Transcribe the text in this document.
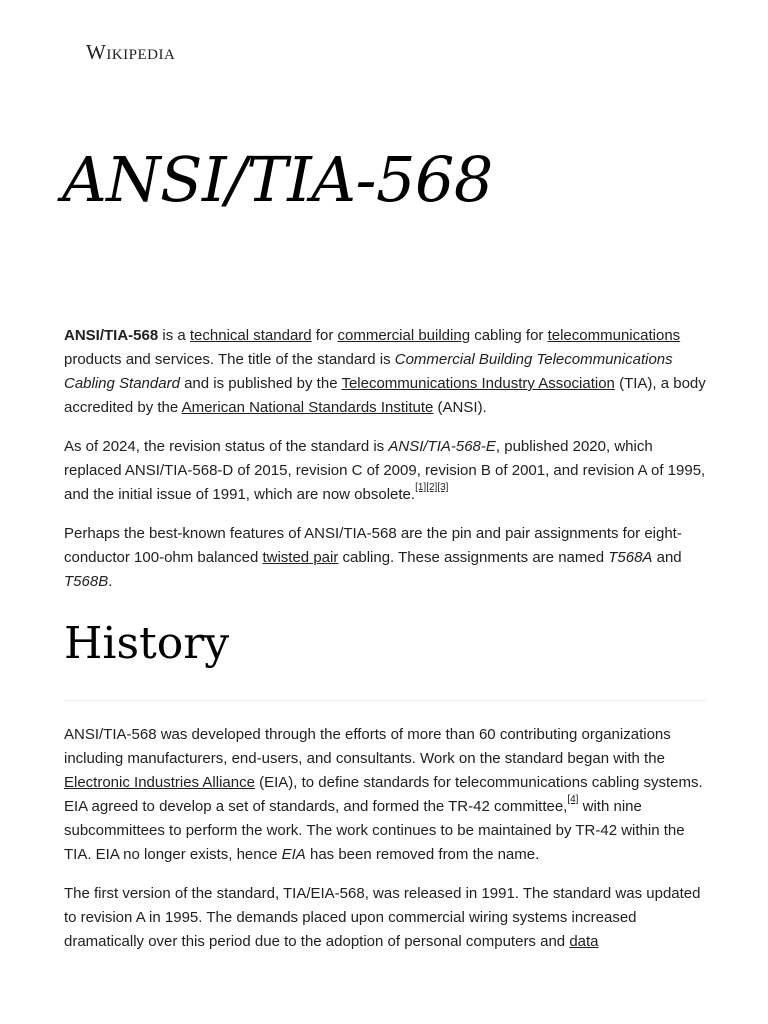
Wikipedia
ANSI/TIA-568

ANSI/TIA-568 is a technical standard for commercial building cabling for telecommunications products and services. The title of the standard is Commercial Building Telecommunications Cabling Standard and is published by the Telecommunications Industry Association (TIA), a body accredited by the American National Standards Institute (ANSI).

As of 2024, the revision status of the standard is ANSI/TIA-568-E, published 2020, which replaced ANSI/TIA-568-D of 2015, revision C of 2009, revision B of 2001, and revision A of 1995, and the initial issue of 1991, which are now obsolete.[1][2][3]

Perhaps the best-known features of ANSI/TIA-568 are the pin and pair assignments for eight-conductor 100-ohm balanced twisted pair cabling. These assignments are named T568A and T568B.

History

ANSI/TIA-568 was developed through the efforts of more than 60 contributing organizations including manufacturers, end-users, and consultants. Work on the standard began with the Electronic Industries Alliance (EIA), to define standards for telecommunications cabling systems. EIA agreed to develop a set of standards, and formed the TR-42 committee,[4] with nine subcommittees to perform the work. The work continues to be maintained by TR-42 within the TIA. EIA no longer exists, hence EIA has been removed from the name.

The first version of the standard, TIA/EIA-568, was released in 1991. The standard was updated to revision A in 1995. The demands placed upon commercial wiring systems increased dramatically over this period due to the adoption of personal computers and data
